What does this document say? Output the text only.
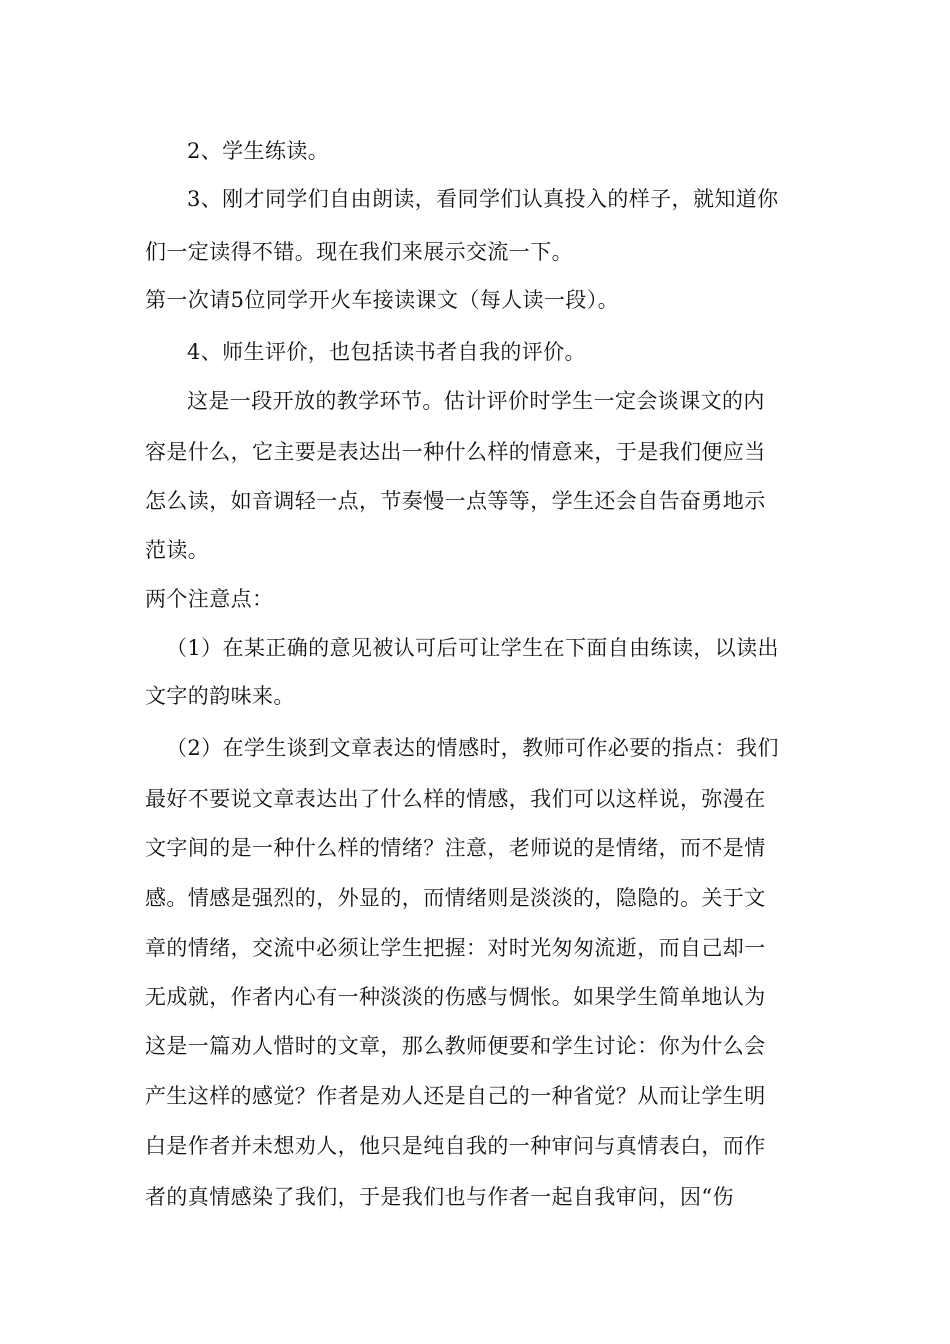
2、学生练读。
3、刚才同学们自由朗读，看同学们认真投入的样子，就知道你
们一定读得不错。现在我们来展示交流一下。
第一次请5位同学开火车接读课文（每人读一段）。
4、师生评价，也包括读书者自我的评价。
这是一段开放的教学环节。估计评价时学生一定会谈课文的内
容是什么，它主要是表达出一种什么样的情意来，于是我们便应当
怎么读，如音调轻一点，节奏慢一点等等，学生还会自告奋勇地示
范读。
两个注意点：
（1）在某正确的意见被认可后可让学生在下面自由练读，以读出
文字的韵味来。
（2）在学生谈到文章表达的情感时，教师可作必要的指点：我们
最好不要说文章表达出了什么样的情感，我们可以这样说，弥漫在
文字间的是一种什么样的情绪？注意，老师说的是情绪，而不是情
感。情感是强烈的，外显的，而情绪则是淡淡的，隐隐的。关于文
章的情绪，交流中必须让学生把握：对时光匆匆流逝，而自己却一
无成就，作者内心有一种淡淡的伤感与惆怅。如果学生简单地认为
这是一篇劝人惜时的文章，那么教师便要和学生讨论：你为什么会
产生这样的感觉？作者是劝人还是自己的一种省觉？从而让学生明
白是作者并未想劝人，他只是纯自我的一种审问与真情表白，而作
者的真情感染了我们，于是我们也与作者一起自我审问，因“伤
